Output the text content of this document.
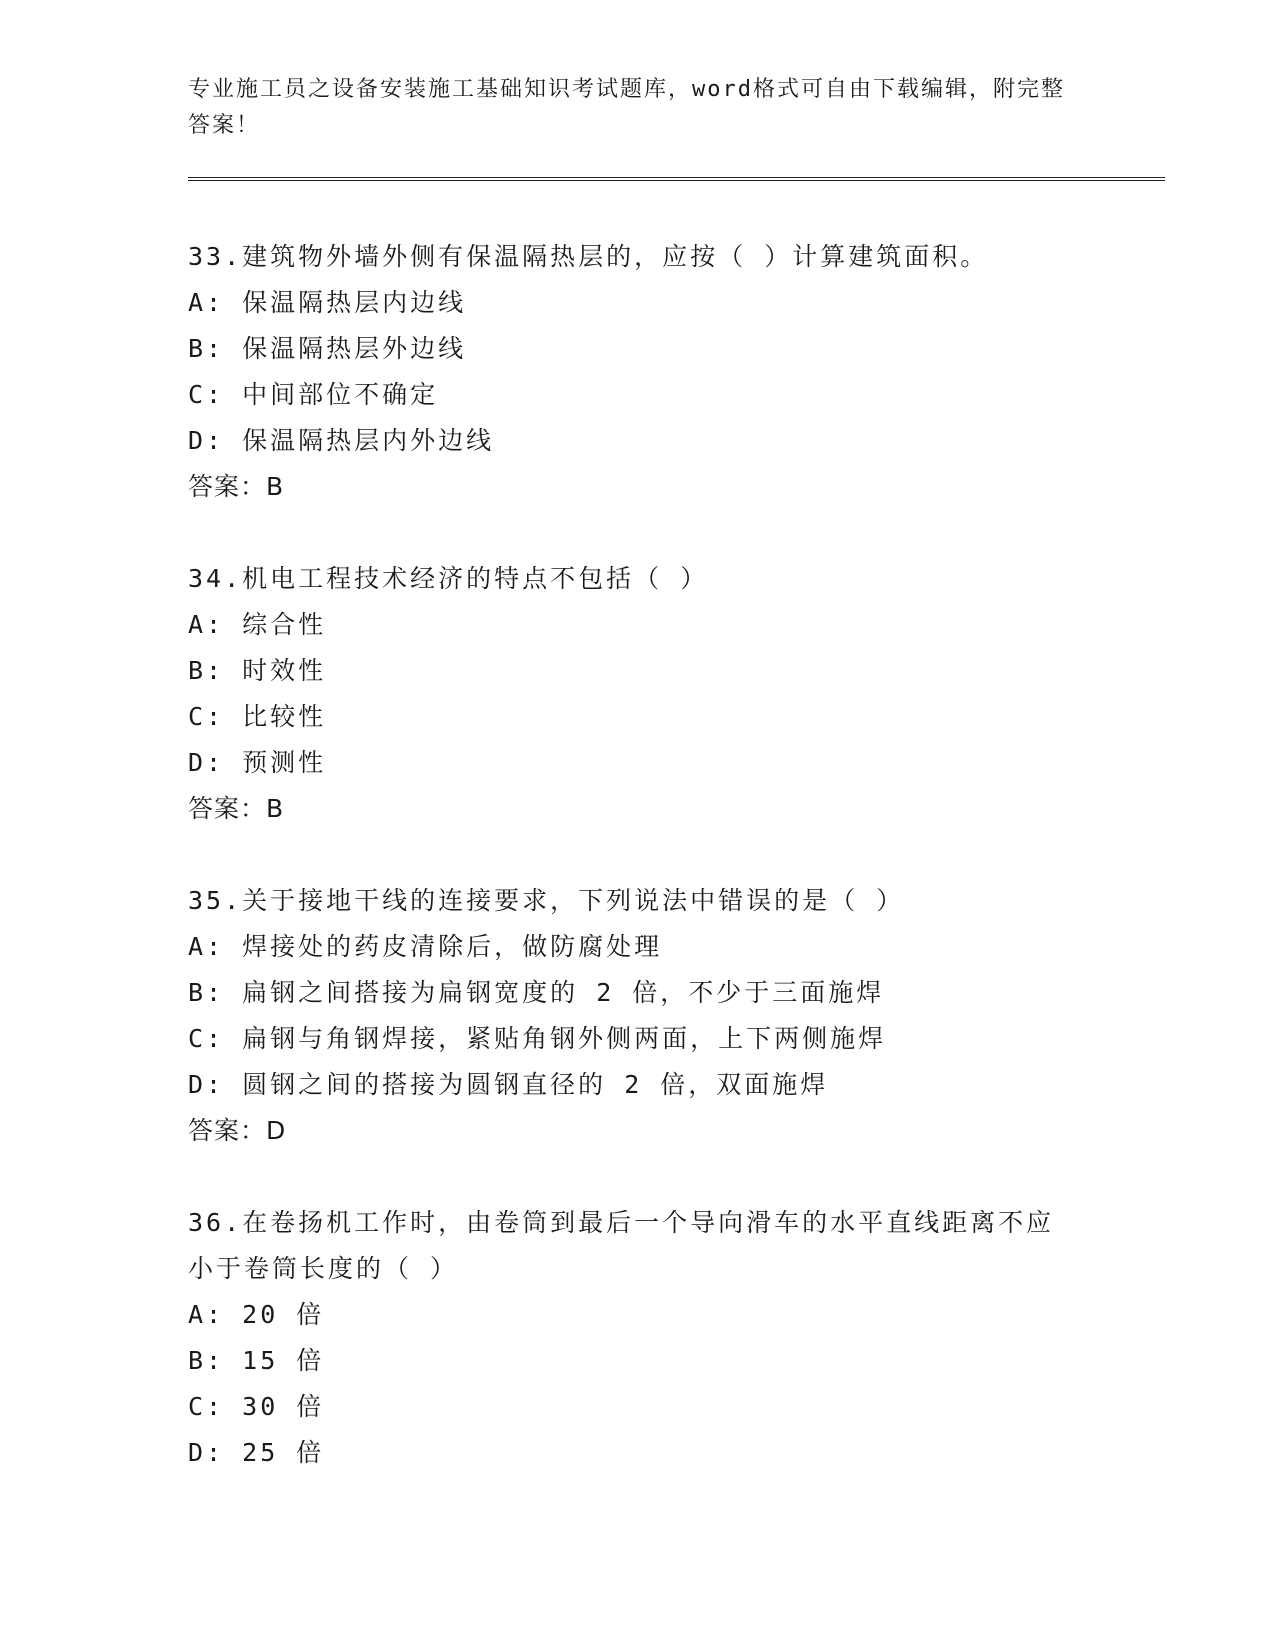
专业施工员之设备安装施工基础知识考试题库，word格式可自由下载编辑，附完整答案！
33.建筑物外墙外侧有保温隔热层的，应按（ ）计算建筑面积。
A: 保温隔热层内边线
B: 保温隔热层外边线
C: 中间部位不确定
D: 保温隔热层内外边线
答案：B
34.机电工程技术经济的特点不包括（ ）
A: 综合性
B: 时效性
C: 比较性
D: 预测性
答案：B
35.关于接地干线的连接要求，下列说法中错误的是（ ）
A: 焊接处的药皮清除后，做防腐处理
B: 扁钢之间搭接为扁钢宽度的 2 倍，不少于三面施焊
C: 扁钢与角钢焊接，紧贴角钢外侧两面，上下两侧施焊
D: 圆钢之间的搭接为圆钢直径的 2 倍，双面施焊
答案：D
36.在卷扬机工作时，由卷筒到最后一个导向滑车的水平直线距离不应
小于卷筒长度的（ ）
A: 20 倍
B: 15 倍
C: 30 倍
D: 25 倍
